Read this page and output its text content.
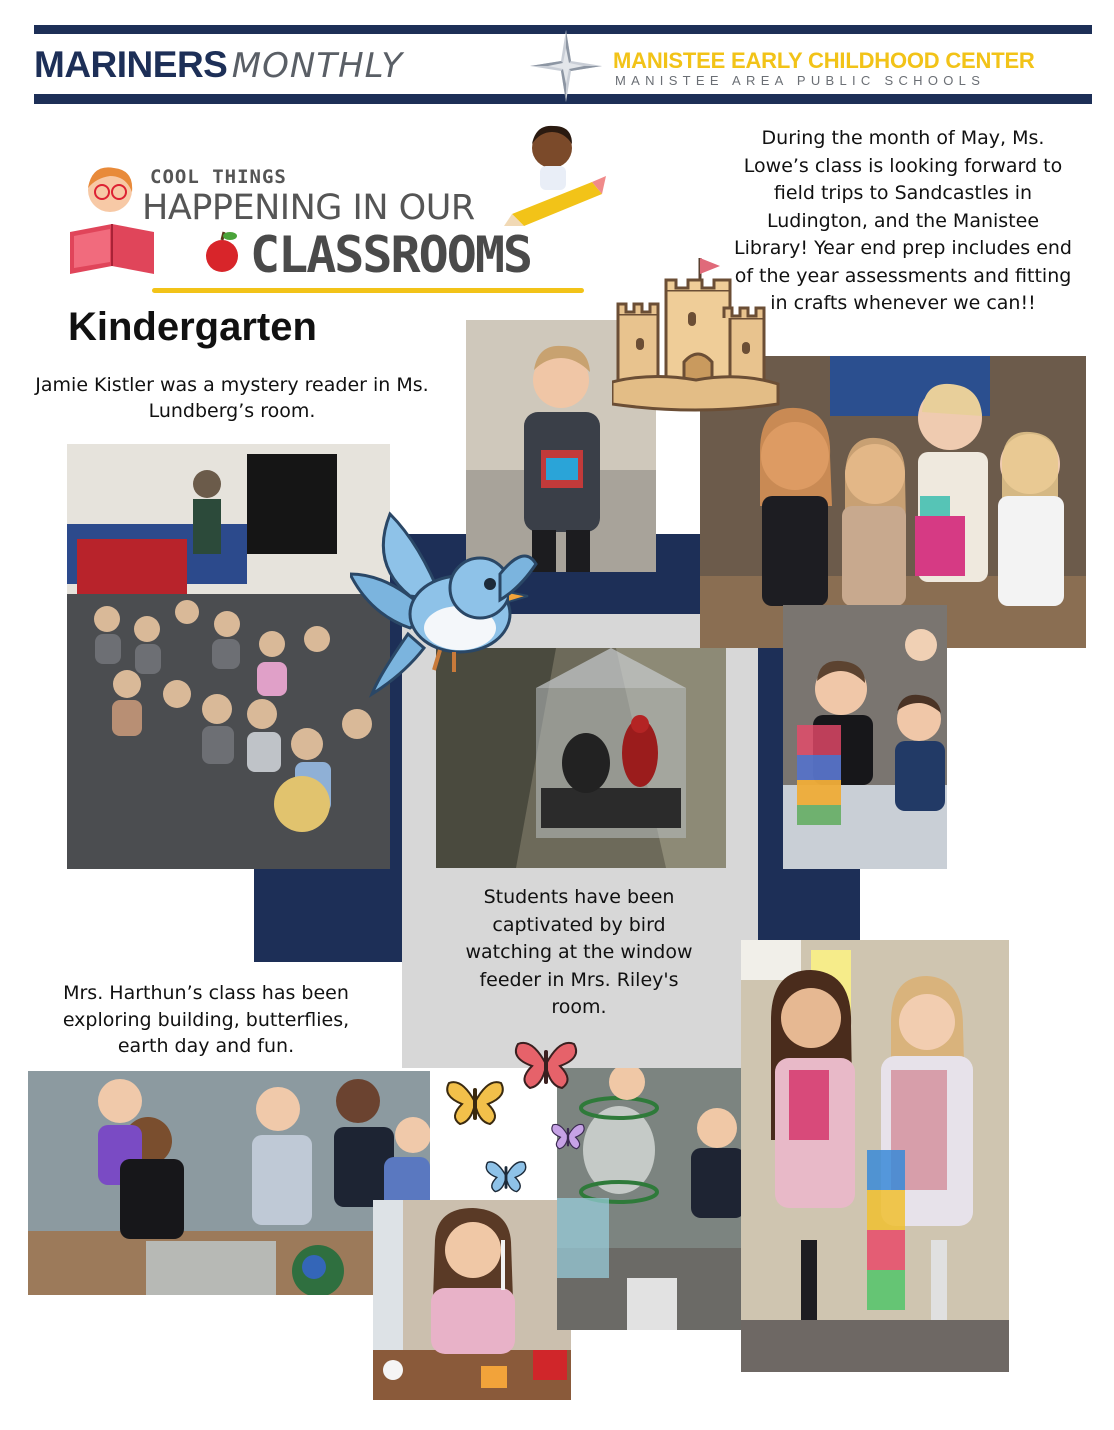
MARINERS MONTHLY	MANISTEE EARLY CHILDHOOD CENTER
MANISTEE AREA PUBLIC SCHOOLS
COOL THINGS
HAPPENING IN OUR
CLASSROOMS
Kindergarten
Jamie Kistler was a mystery reader in Ms. Lundberg’s room.
During the month of May, Ms. Lowe’s class is looking forward to field trips to Sandcastles in Ludington, and the Manistee Library! Year end prep includes end of the year assessments and fitting in crafts whenever we can!!
Students have been captivated by bird watching at the window feeder in Mrs. Riley's room.
Mrs. Harthun’s class has been exploring building, butterflies, earth day and fun.
